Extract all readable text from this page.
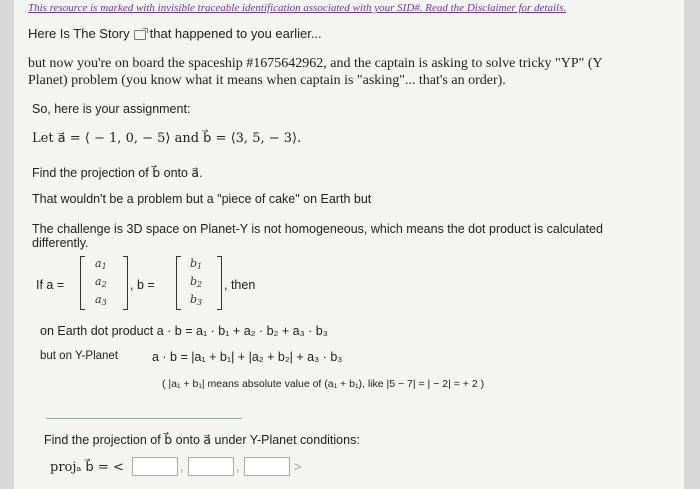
This resource is marked with invisible traceable identification associated with your SID#. Read the Disclaimer for details.
Here Is The Story that happened to you earlier...
but now you're on board the spaceship #1675642962, and the captain is asking to solve tricky "YP" (Y
Planet) problem (you know what it means when captain is "asking"... that's an order).
So, here is your assignment:
Let a⃗ = ⟨ − 1, 0, − 5⟩ and b⃗ = ⟨3, 5, − 3⟩.
Find the projection of b⃗ onto a⃗.
That wouldn't be a problem but a "piece of cake" on Earth but
The challenge is 3D space on Planet-Y is not homogeneous, which means the dot product is calculated
differently.
If a =
$a_1$
$a_2$
$a_3$
, b =
$b_1$
$b_2$
$b_3$
, then
on Earth dot product a · b = a₁ · b₁ + a₂ · b₂ + a₃ · b₃
but on Y-Planet	a · b = |a₁ + b₁| + |a₂ + b₂| + a₃ · b₃
( |a₁ + b₁| means absolute value of (a₁ + b₁), like |5 − 7| = | − 2| = + 2 )
Find the projection of b⃗ onto a⃗ under Y-Planet conditions:
projₐ b⃗ = <	,	,	>
